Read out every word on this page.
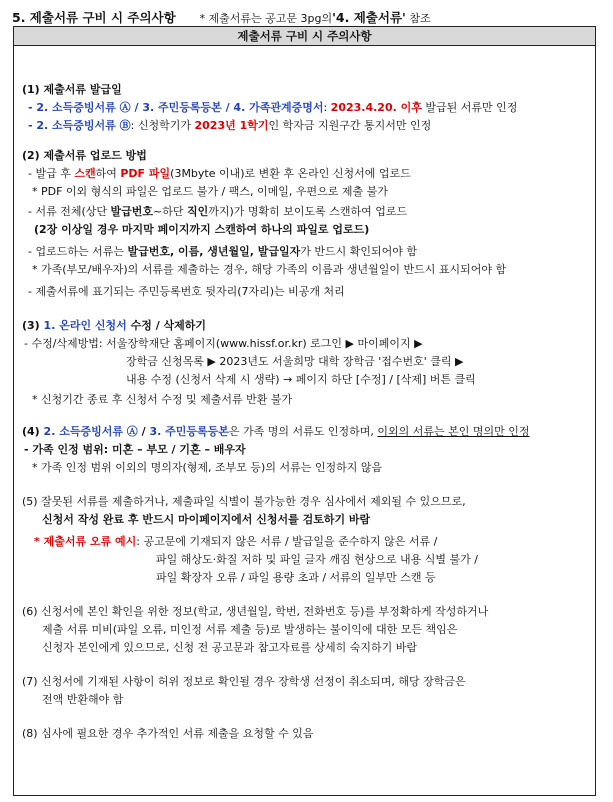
5. 제출서류 구비 시 주의사항 * 제출서류는 공고문 3pg의'4. 제출서류' 참조
제출서류 구비 시 주의사항
(1) 제출서류 발급일
- 2. 소득증빙서류 Ⓐ / 3. 주민등록등본 / 4. 가족관계증명서: 2023.4.20. 이후 발급된 서류만 인정
- 2. 소득증빙서류 Ⓑ: 신청학기가 2023년 1학기인 학자금 지원구간 통지서만 인정
(2) 제출서류 업로드 방법
- 발급 후 스캔하여 PDF 파일(3Mbyte 이내)로 변환 후 온라인 신청서에 업로드
* PDF 이외 형식의 파일은 업로드 불가 / 팩스, 이메일, 우편으로 제출 불가
- 서류 전체(상단 발급번호~하단 직인까지)가 명확히 보이도록 스캔하여 업로드
(2장 이상일 경우 마지막 페이지까지 스캔하여 하나의 파일로 업로드)
- 업로드하는 서류는 발급번호, 이름, 생년월일, 발급일자가 반드시 확인되어야 함
* 가족(부모/배우자)의 서류를 제출하는 경우, 해당 가족의 이름과 생년월일이 반드시 표시되어야 함
- 제출서류에 표기되는 주민등록번호 뒷자리(7자리)는 비공개 처리
(3) 1. 온라인 신청서 수정 / 삭제하기
- 수정/삭제방법: 서울장학재단 홈페이지(www.hissf.or.kr) 로그인 ▶ 마이페이지 ▶
장학금 신청목록 ▶ 2023년도 서울희망 대학 장학금 '접수번호' 클릭 ▶
내용 수정 (신청서 삭제 시 생략) → 페이지 하단 [수정] / [삭제] 버튼 클릭
* 신청기간 종료 후 신청서 수정 및 제출서류 반환 불가
(4) 2. 소득증빙서류 Ⓐ / 3. 주민등록등본은 가족 명의 서류도 인정하며, 이외의 서류는 본인 명의만 인정
- 가족 인정 범위: 미혼 – 부모 / 기혼 – 배우자
* 가족 인정 범위 이외의 명의자(형제, 조부모 등)의 서류는 인정하지 않음
(5) 잘못된 서류를 제출하거나, 제출파일 식별이 불가능한 경우 심사에서 제외될 수 있으므로,
신청서 작성 완료 후 반드시 마이페이지에서 신청서를 검토하기 바람
* 제출서류 오류 예시: 공고문에 기재되지 않은 서류 / 발급일을 준수하지 않은 서류 /
파일 해상도·화질 저하 및 파일 글자 깨짐 현상으로 내용 식별 불가 /
파일 확장자 오류 / 파일 용량 초과 / 서류의 일부만 스캔 등
(6) 신청서에 본인 확인을 위한 정보(학교, 생년월일, 학번, 전화번호 등)를 부정확하게 작성하거나
제출 서류 미비(파일 오류, 미인정 서류 제출 등)로 발생하는 불이익에 대한 모든 책임은
신청자 본인에게 있으므로, 신청 전 공고문과 참고자료를 상세히 숙지하기 바람
(7) 신청서에 기재된 사항이 허위 정보로 확인될 경우 장학생 선정이 취소되며, 해당 장학금은
전액 반환해야 함
(8) 심사에 필요한 경우 추가적인 서류 제출을 요청할 수 있음
